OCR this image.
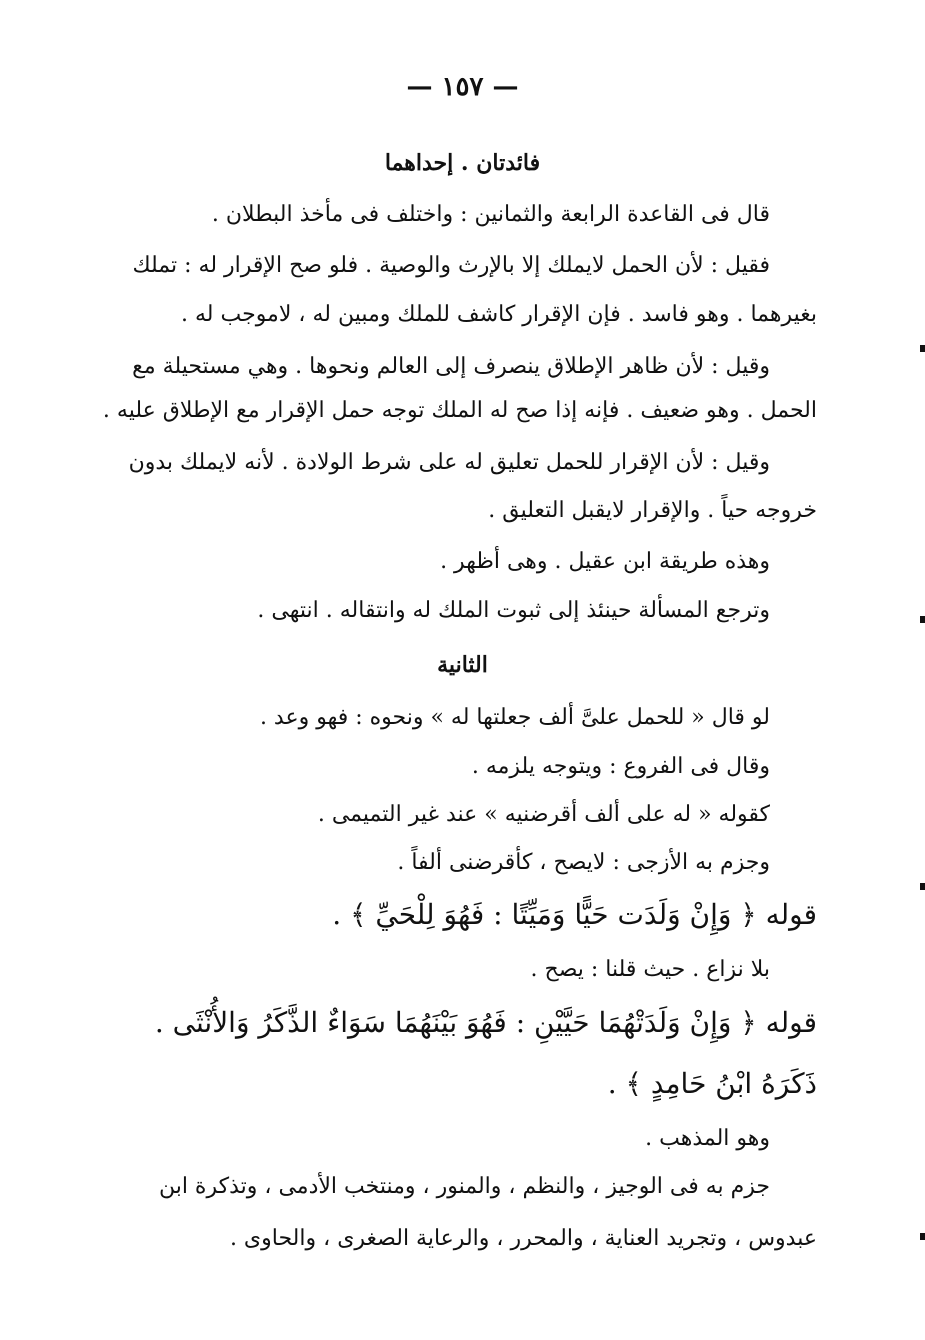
— ١٥٧ —
فائدتان . إحداهما
قال فى القاعدة الرابعة والثمانين : واختلف فى مأخذ البطلان .
فقيل : لأن الحمل لايملك إلا بالإرث والوصية . فلو صح الإقرار له : تملك
بغيرهما . وهو فاسد . فإن الإقرار كاشف للملك ومبين له ، لاموجب له .
وقيل : لأن ظاهر الإطلاق ينصرف إلى العالم ونحوها . وهي مستحيلة مع
الحمل . وهو ضعيف . فإنه إذا صح له الملك توجه حمل الإقرار مع الإطلاق عليه .
وقيل : لأن الإقرار للحمل تعليق له على شرط الولادة . لأنه لايملك بدون
خروجه حياً . والإقرار لايقبل التعليق .
وهذه طريقة ابن عقيل . وهى أظهر .
وترجع المسألة حينئذ إلى ثبوت الملك له وانتقاله . انتهى .
الثانية
لو قال « للحمل علىَّ ألف جعلتها له » ونحوه : فهو وعد .
وقال فى الفروع : ويتوجه يلزمه .
كقوله « له على ألف أقرضنيه » عند غير التميمى .
وجزم به الأزجى : لايصح ، كأقرضنى ألفاً .
قوله ﴿ وَإِنْ وَلَدَت حَيًّا وَمَيِّتًا : فَهُوَ لِلْحَيِّ ﴾ .
بلا نزاع . حيث قلنا : يصح .
قوله ﴿ وَإِنْ وَلَدَتْهُمَا حَيَّيْنِ : فَهُوَ بَيْنَهُمَا سَوَاءٌ الذَّكَرُ وَالأُنْثَى .
ذَكَرَهُ ابْنُ حَامِدٍ ﴾ .
وهو المذهب .
جزم به فى الوجيز ، والنظم ، والمنور ، ومنتخب الأدمى ، وتذكرة ابن
عبدوس ، وتجريد العناية ، والمحرر ، والرعاية الصغرى ، والحاوى .
